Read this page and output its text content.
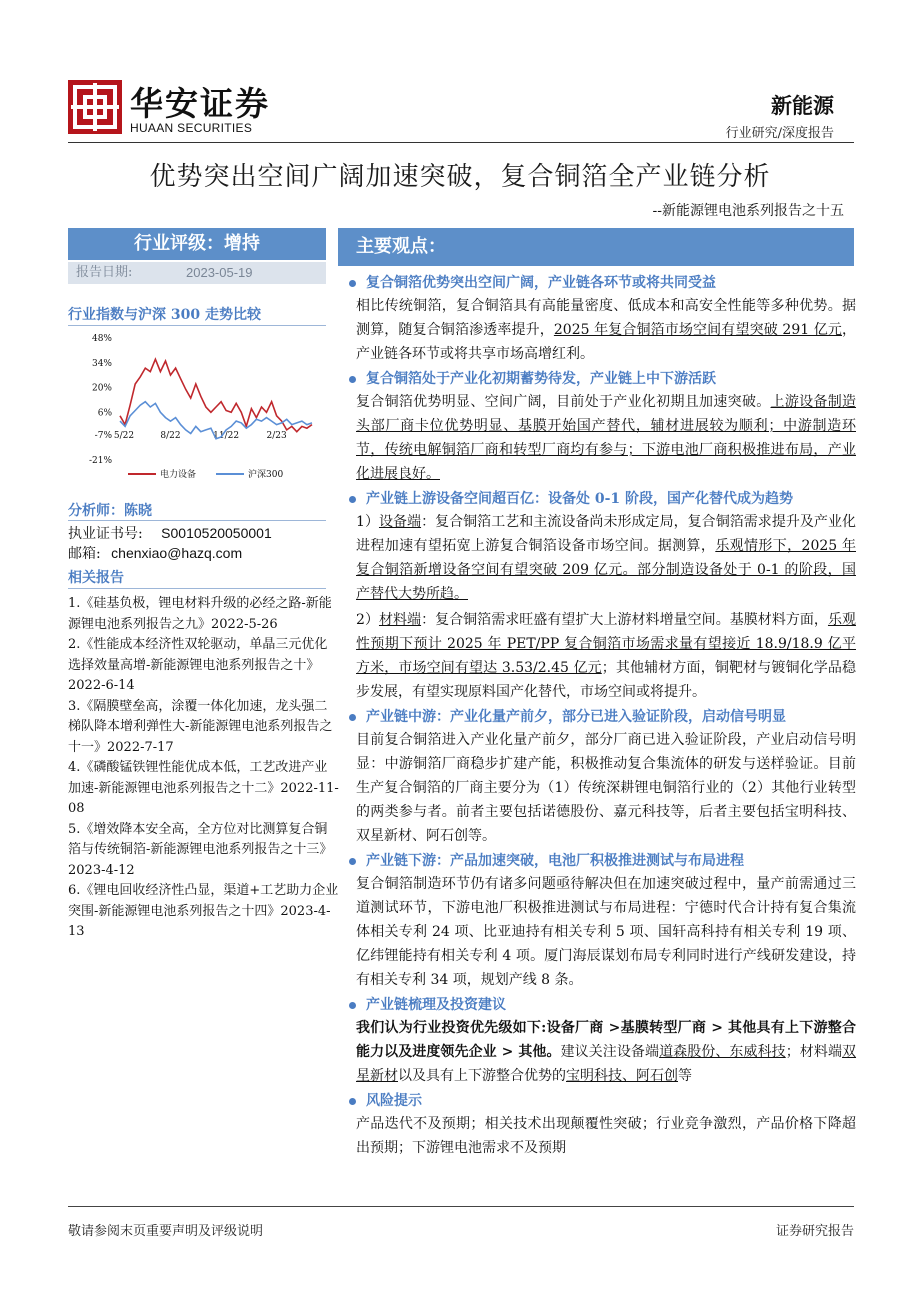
华安证券
HUAAN SECURITIES
新能源
行业研究/深度报告
优势突出空间广阔加速突破，复合铜箔全产业链分析
--新能源锂电池系列报告之十五
行业评级：增持
报告日期:	2023-05-19
行业指数与沪深 300 走势比较
48%
34%
20%
6%
-7%
-21%
5/22	8/22	11/22	2/23
电力设备	沪深300
分析师：陈晓
执业证书号: S0010520050001
邮箱: chenxiao@hazq.com
相关报告

1.《硅基负极，锂电材料升级的必经之路-新能源锂电池系列报告之九》2022-5-26

2.《性能成本经济性双轮驱动，单晶三元优化选择效量高增-新能源锂电池系列报告之十》2022-6-14

3.《隔膜壁垒高，涂覆一体化加速，龙头强二梯队降本增利弹性大-新能源锂电池系列报告之十一》2022-7-17

4.《磷酸锰铁锂性能优成本低，工艺改进产业加速-新能源锂电池系列报告之十二》2022-11-08

5.《增效降本安全高，全方位对比测算复合铜箔与传统铜箔-新能源锂电池系列报告之十三》2023-4-12

6.《锂电回收经济性凸显，渠道+工艺助力企业突围-新能源锂电池系列报告之十四》2023-4-13

主要观点：
复合铜箔优势突出空间广阔，产业链各环节或将共同受益

相比传统铜箔，复合铜箔具有高能量密度、低成本和高安全性能等多种优势。据测算，随复合铜箔渗透率提升，2025 年复合铜箔市场空间有望突破 291 亿元，产业链各环节或将共享市场高增红利。

复合铜箔处于产业化初期蓄势待发，产业链上中下游活跃

复合铜箔优势明显、空间广阔，目前处于产业化初期且加速突破。上游设备制造头部厂商卡位优势明显、基膜开始国产替代，辅材进展较为顺利；中游制造环节，传统电解铜箔厂商和转型厂商均有参与；下游电池厂商积极推进布局，产业化进展良好。

产业链上游设备空间超百亿：设备处 0-1 阶段，国产化替代成为趋势

1）设备端：复合铜箔工艺和主流设备尚未形成定局，复合铜箔需求提升及产业化进程加速有望拓宽上游复合铜箔设备市场空间。据测算，乐观情形下，2025 年复合铜箔新增设备空间有望突破 209 亿元。部分制造设备处于 0-1 的阶段，国产替代大势所趋。

2）材料端：复合铜箔需求旺盛有望扩大上游材料增量空间。基膜材料方面，乐观性预期下预计 2025 年 PET/PP 复合铜箔市场需求量有望接近 18.9/18.9 亿平方米，市场空间有望达 3.53/2.45 亿元；其他辅材方面，铜靶材与镀铜化学品稳步发展，有望实现原料国产化替代，市场空间或将提升。

产业链中游：产业化量产前夕，部分已进入验证阶段，启动信号明显

目前复合铜箔进入产业化量产前夕，部分厂商已进入验证阶段，产业启动信号明显：中游铜箔厂商稳步扩建产能，积极推动复合集流体的研发与送样验证。目前生产复合铜箔的厂商主要分为（1）传统深耕锂电铜箔行业的（2）其他行业转型的两类参与者。前者主要包括诺德股份、嘉元科技等，后者主要包括宝明科技、双星新材、阿石创等。

产业链下游：产品加速突破，电池厂积极推进测试与布局进程

复合铜箔制造环节仍有诸多问题亟待解决但在加速突破过程中，量产前需通过三道测试环节，下游电池厂积极推进测试与布局进程：宁德时代合计持有复合集流体相关专利 24 项、比亚迪持有相关专利 5 项、国轩高科持有相关专利 19 项、亿纬锂能持有相关专利 4 项。厦门海辰谋划布局专利同时进行产线研发建设，持有相关专利 34 项，规划产线 8 条。

产业链梳理及投资建议

我们认为行业投资优先级如下:设备厂商 >基膜转型厂商 > 其他具有上下游整合能力以及进度领先企业 > 其他。建议关注设备端道森股份、东威科技；材料端双星新材以及具有上下游整合优势的宝明科技、阿石创等

风险提示

产品迭代不及预期；相关技术出现颠覆性突破；行业竞争激烈，产品价格下降超出预期；下游锂电池需求不及预期

敬请参阅末页重要声明及评级说明	证券研究报告
